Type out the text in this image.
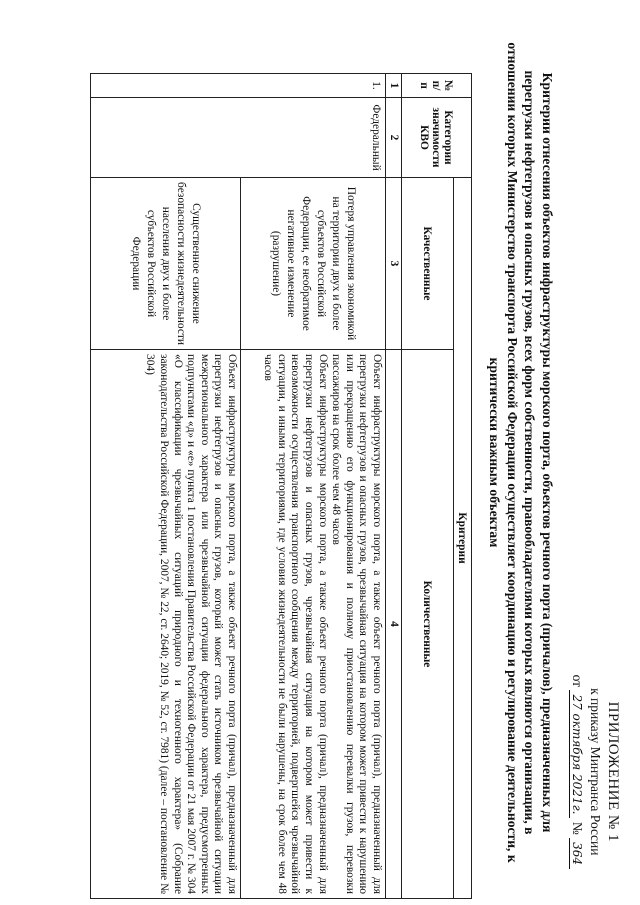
ПРИЛОЖЕНИЕ № 1
к приказу Минтранса России
от 27 октября 2021г. № 364
Критерии отнесения объектов инфраструктуры морского порта, объектов речного порта (причалов), предназначенных для перегрузки нефтегрузов и опасных грузов, всех форм собственности, правообладателями которых являются организации, в отношении которых Министерство транспорта Российской Федерации осуществляет координацию и регулирование деятельности, к критически важным объектам
№ п/п	Категории значимости КВО	Критерии	
		Качественные	Количественные
1	2	3	4
1.	Федеральный	Потеря управления экономикой на территории двух и более субъектов Российской Федерации, ее необратимое негативное изменение (разрушение)	Объект инфраструктуры морского порта, а также объект речного порта (причал), предназначенный для перегрузки нефтегрузов и опасных грузов, чрезвычайная ситуация на котором может привести к нарушению или прекращению его функционирования и полному приостановлению перевалки грузов, перевозки пассажиров на срок более чем 48 часов
Объект инфраструктуры морского порта, а также объект речного порта (причал), предназначенный для перегрузки нефтегрузов и опасных грузов, чрезвычайная ситуация на котором может привести к невозможности осуществления транспортного сообщения между территорией, подвергшейся чрезвычайной ситуации, и иными территориями, где условия жизнедеятельности не были нарушены, на срок более чем 48 часов

		Существенное снижение безопасности жизнедеятельности населения двух и более субъектов Российской Федерации	Объект инфраструктуры морского порта, а также объект речного порта (причал), предназначенный для перегрузки нефтегрузов и опасных грузов, который может стать источником чрезвычайной ситуации межрегионального характера или чрезвычайной ситуации федерального характера, предусмотренных подпунктами «д» и «е» пункта 1 постановления Правительства Российской Федерации от 21 мая 2007 г. № 304 «О классификации чрезвычайных ситуаций природного и техногенного характера» (Собрание законодательства Российской Федерации, 2007, № 22, ст. 2640; 2019, № 52, ст. 7981) (далее – постановление № 304)
